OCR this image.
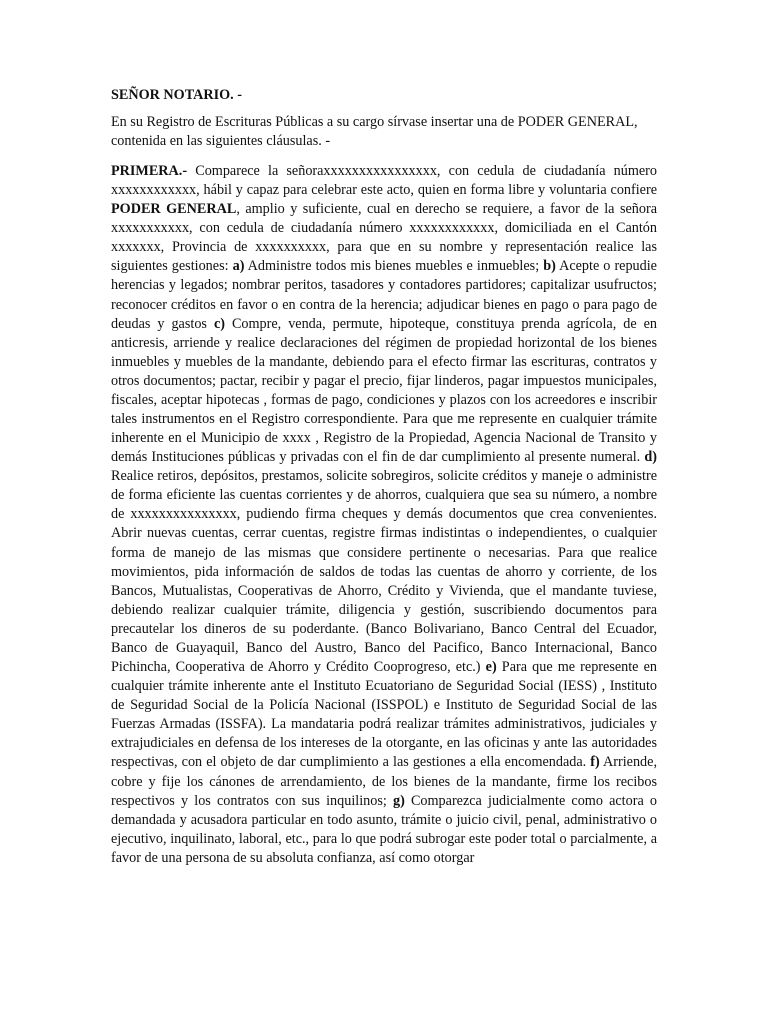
SEÑOR NOTARIO. -

En su Registro de Escrituras Públicas a su cargo sírvase insertar una de PODER GENERAL, contenida en las siguientes cláusulas. -

PRIMERA.- Comparece la señoraxxxxxxxxxxxxxxxx, con cedula de ciudadanía número xxxxxxxxxxxx, hábil y capaz para celebrar este acto, quien en forma libre y voluntaria confiere PODER GENERAL, amplio y suficiente, cual en derecho se requiere, a favor de la señora xxxxxxxxxxx, con cedula de ciudadanía número xxxxxxxxxxxx, domiciliada en el Cantón xxxxxxx, Provincia de xxxxxxxxxx, para que en su nombre y representación realice las siguientes gestiones: a) Administre todos mis bienes muebles e inmuebles; b) Acepte o repudie herencias y legados; nombrar peritos, tasadores y contadores partidores; capitalizar usufructos; reconocer créditos en favor o en contra de la herencia; adjudicar bienes en pago o para pago de deudas y gastos c) Compre, venda, permute, hipoteque, constituya prenda agrícola, de en anticresis, arriende y realice declaraciones del régimen de propiedad horizontal de los bienes inmuebles y muebles de la mandante, debiendo para el efecto firmar las escrituras, contratos y otros documentos; pactar, recibir y pagar el precio, fijar linderos, pagar impuestos municipales, fiscales, aceptar hipotecas , formas de pago, condiciones y plazos con los acreedores e inscribir tales instrumentos en el Registro correspondiente. Para que me represente en cualquier trámite inherente en el Municipio de xxxx , Registro de la Propiedad, Agencia Nacional de Transito y demás Instituciones públicas y privadas con el fin de dar cumplimiento al presente numeral. d) Realice retiros, depósitos, prestamos, solicite sobregiros, solicite créditos y maneje o administre de forma eficiente las cuentas corrientes y de ahorros, cualquiera que sea su número, a nombre de xxxxxxxxxxxxxxx, pudiendo firma cheques y demás documentos que crea convenientes. Abrir nuevas cuentas, cerrar cuentas, registre firmas indistintas o independientes, o cualquier forma de manejo de las mismas que considere pertinente o necesarias. Para que realice movimientos, pida información de saldos de todas las cuentas de ahorro y corriente, de los Bancos, Mutualistas, Cooperativas de Ahorro, Crédito y Vivienda, que el mandante tuviese, debiendo realizar cualquier trámite, diligencia y gestión, suscribiendo documentos para precautelar los dineros de su poderdante. (Banco Bolivariano, Banco Central del Ecuador, Banco de Guayaquil, Banco del Austro, Banco del Pacifico, Banco Internacional, Banco Pichincha, Cooperativa de Ahorro y Crédito Cooprogreso, etc.) e) Para que me represente en cualquier trámite inherente ante el Instituto Ecuatoriano de Seguridad Social (IESS) , Instituto de Seguridad Social de la Policía Nacional (ISSPOL) e Instituto de Seguridad Social de las Fuerzas Armadas (ISSFA). La mandataria podrá realizar trámites administrativos, judiciales y extrajudiciales en defensa de los intereses de la otorgante, en las oficinas y ante las autoridades respectivas, con el objeto de dar cumplimiento a las gestiones a ella encomendada. f) Arriende, cobre y fije los cánones de arrendamiento, de los bienes de la mandante, firme los recibos respectivos y los contratos con sus inquilinos; g) Comparezca judicialmente como actora o demandada y acusadora particular en todo asunto, trámite o juicio civil, penal, administrativo o ejecutivo, inquilinato, laboral, etc., para lo que podrá subrogar este poder total o parcialmente, a favor de una persona de su absoluta confianza, así como otorgar
